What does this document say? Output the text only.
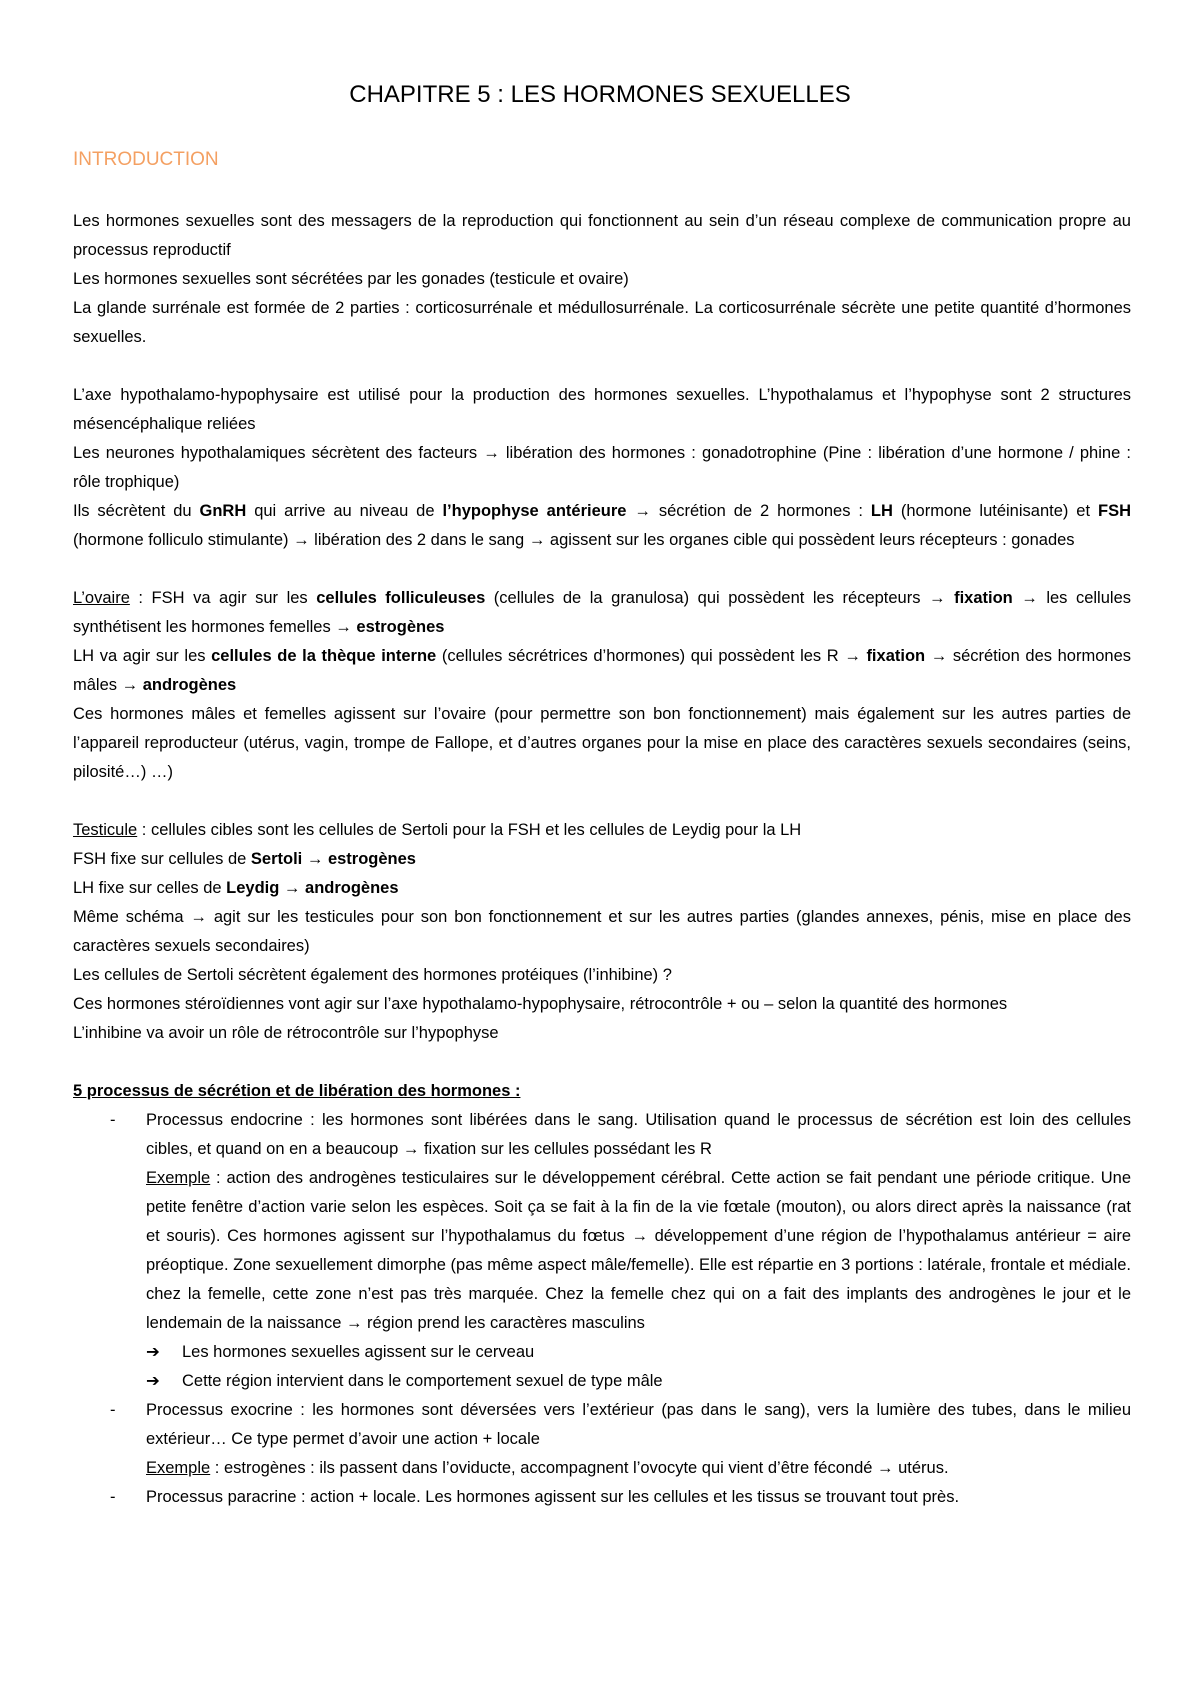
CHAPITRE 5 : LES HORMONES SEXUELLES
INTRODUCTION

Les hormones sexuelles sont des messagers de la reproduction qui fonctionnent au sein d’un réseau complexe de communication propre au processus reproductif

Les hormones sexuelles sont sécrétées par les gonades (testicule et ovaire)

La glande surrénale est formée de 2 parties : corticosurrénale et médullosurrénale. La corticosurrénale sécrète une petite quantité d’hormones sexuelles.

L’axe hypothalamo-hypophysaire est utilisé pour la production des hormones sexuelles. L’hypothalamus et l’hypophyse sont 2 structures mésencéphalique reliées

Les neurones hypothalamiques sécrètent des facteurs → libération des hormones : gonadotrophine (Pine : libération d’une hormone / phine : rôle trophique)

Ils sécrètent du GnRH qui arrive au niveau de l’hypophyse antérieure → sécrétion de 2 hormones : LH (hormone lutéinisante) et FSH (hormone folliculo stimulante) → libération des 2 dans le sang → agissent sur les organes cible qui possèdent leurs récepteurs : gonades

L’ovaire : FSH va agir sur les cellules folliculeuses (cellules de la granulosa) qui possèdent les récepteurs → fixation → les cellules synthétisent les hormones femelles → estrogènes

LH va agir sur les cellules de la thèque interne (cellules sécrétrices d’hormones) qui possèdent les R → fixation → sécrétion des hormones mâles → androgènes

Ces hormones mâles et femelles agissent sur l’ovaire (pour permettre son bon fonctionnement) mais également sur les autres parties de l’appareil reproducteur (utérus, vagin, trompe de Fallope, et d’autres organes pour la mise en place des caractères sexuels secondaires (seins, pilosité…) …)

Testicule : cellules cibles sont les cellules de Sertoli pour la FSH et les cellules de Leydig pour la LH

FSH fixe sur cellules de Sertoli → estrogènes

LH fixe sur celles de Leydig → androgènes

Même schéma → agit sur les testicules pour son bon fonctionnement et sur les autres parties (glandes annexes, pénis, mise en place des caractères sexuels secondaires)

Les cellules de Sertoli sécrètent également des hormones protéiques (l’inhibine) ?

Ces hormones stéroïdiennes vont agir sur l’axe hypothalamo-hypophysaire, rétrocontrôle + ou – selon la quantité des hormones

L’inhibine va avoir un rôle de rétrocontrôle sur l’hypophyse

5 processus de sécrétion et de libération des hormones :

- Processus endocrine : les hormones sont libérées dans le sang. Utilisation quand le processus de sécrétion est loin des cellules cibles, et quand on en a beaucoup → fixation sur les cellules possédant les R
Exemple : action des androgènes testiculaires sur le développement cérébral. Cette action se fait pendant une période critique. Une petite fenêtre d’action varie selon les espèces. Soit ça se fait à la fin de la vie fœtale (mouton), ou alors direct après la naissance (rat et souris). Ces hormones agissent sur l’hypothalamus du fœtus → développement d’une région de l’hypothalamus antérieur = aire préoptique. Zone sexuellement dimorphe (pas même aspect mâle/femelle). Elle est répartie en 3 portions : latérale, frontale et médiale. chez la femelle, cette zone n’est pas très marquée. Chez la femelle chez qui on a fait des implants des androgènes le jour et le lendemain de la naissance → région prend les caractères masculins
➔ Les hormones sexuelles agissent sur le cerveau
➔ Cette région intervient dans le comportement sexuel de type mâle
- Processus exocrine : les hormones sont déversées vers l’extérieur (pas dans le sang), vers la lumière des tubes, dans le milieu extérieur… Ce type permet d’avoir une action + locale
Exemple : estrogènes : ils passent dans l’oviducte, accompagnent l’ovocyte qui vient d’être fécondé → utérus.
- Processus paracrine : action + locale. Les hormones agissent sur les cellules et les tissus se trouvant tout près.
